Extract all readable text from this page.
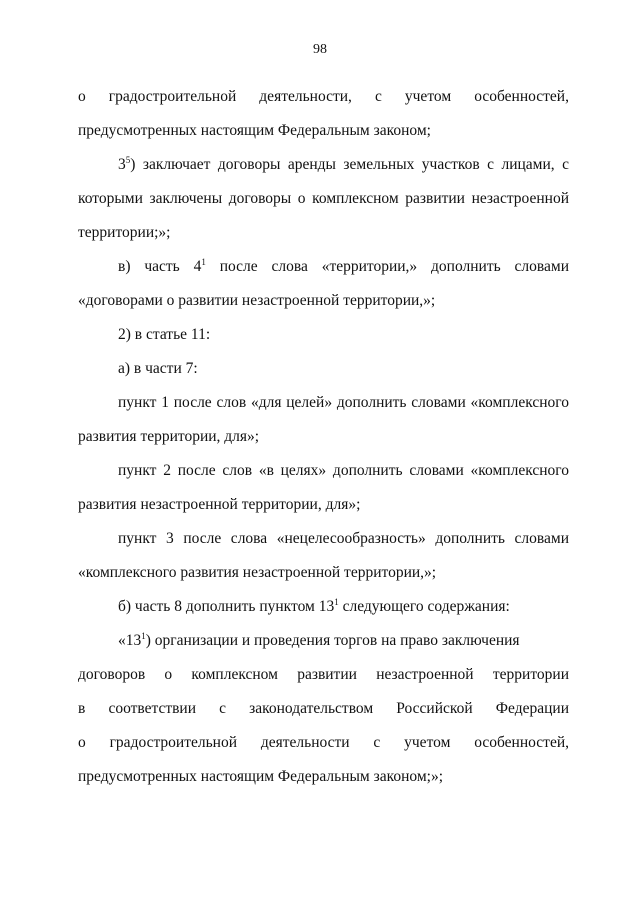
98
о градостроительной деятельности, с учетом особенностей,

предусмотренных настоящим Федеральным законом;

$3^5$) заключает договоры аренды земельных участков с лицами, с которыми заключены договоры о комплексном развитии незастроенной территории;»;

в) часть $4^1$ после слова «территории,» дополнить словами «договорами о развитии незастроенной территории,»;

2) в статье 11:

а) в части 7:

пункт 1 после слов «для целей» дополнить словами «комплексного развития территории, для»;

пункт 2 после слов «в целях» дополнить словами «комплексного развития незастроенной территории, для»;

пункт 3 после слова «нецелесообразность» дополнить словами «комплексного развития незастроенной территории,»;

б) часть 8 дополнить пунктом $13^1$ следующего содержания:

«$13^1$) организации и проведения торгов на право заключения

договоров о комплексном развитии незастроенной территории
в соответствии с законодательством Российской Федерации
о градостроительной деятельности с учетом особенностей,

предусмотренных настоящим Федеральным законом;»;
